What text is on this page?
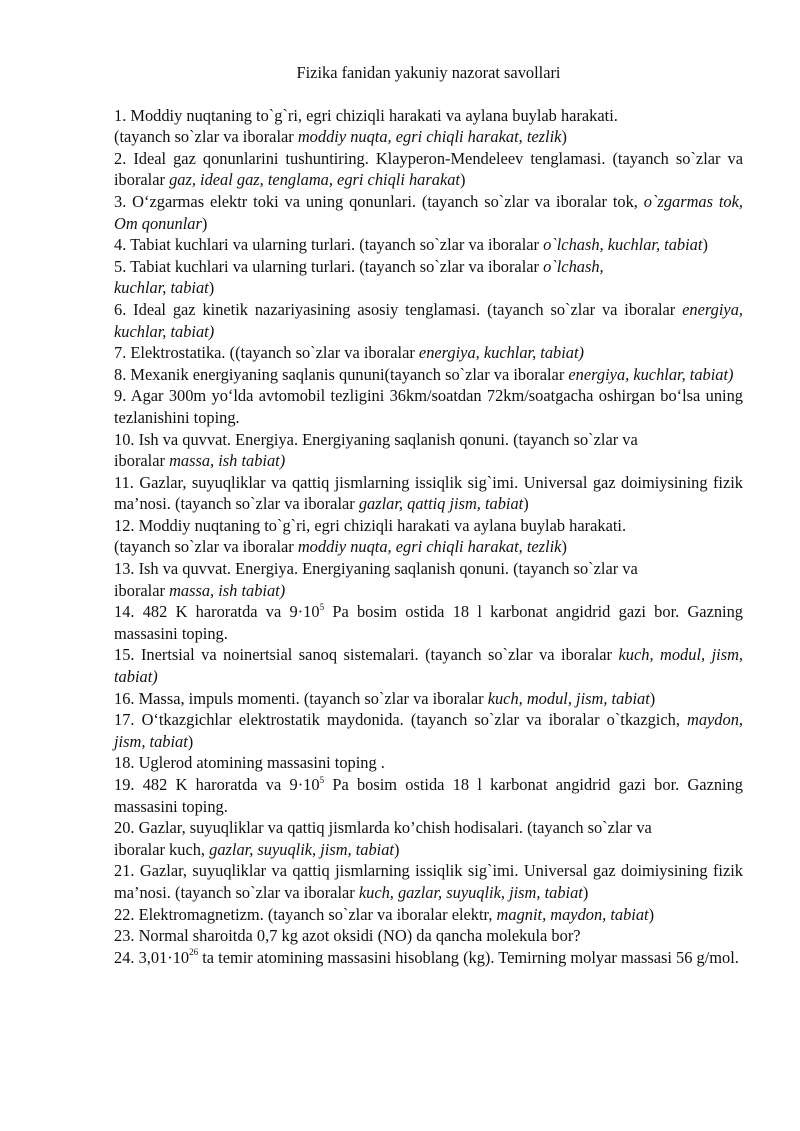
Fizika fanidan yakuniy nazorat savollari
1. Moddiy nuqtaning to`g`ri, egri chiziqli harakati va aylana buylab harakati.
(tayanch so`zlar va iboralar moddiy nuqta, egri chiqli harakat, tezlik)
2. Ideal gaz qonunlarini tushuntiring. Klayperon-Mendeleev tenglamasi. (tayanch so`zlar va iboralar gaz, ideal gaz, tenglama, egri chiqli harakat)
3. O‘zgarmas elektr toki va uning qonunlari. (tayanch so`zlar va iboralar tok, o`zgarmas tok, Om qonunlar)
4. Tabiat kuchlari va ularning turlari. (tayanch so`zlar va iboralar o`lchash, kuchlar, tabiat)
5. Tabiat kuchlari va ularning turlari. (tayanch so`zlar va iboralar o`lchash,
kuchlar, tabiat)
6. Ideal gaz kinetik nazariyasining asosiy tenglamasi. (tayanch so`zlar va iboralar energiya, kuchlar, tabiat)
7. Elektrostatika. ((tayanch so`zlar va iboralar energiya, kuchlar, tabiat)
8. Mexanik energiyaning saqlanis qununi(tayanch so`zlar va iboralar energiya, kuchlar, tabiat)
9. Agar 300m yo‘lda avtomobil tezligini 36km/soatdan 72km/soatgacha oshirgan bo‘lsa uning tezlanishini toping.
10. Ish va quvvat. Energiya. Energiyaning saqlanish qonuni. (tayanch so`zlar va
iboralar massa, ish tabiat)
11. Gazlar, suyuqliklar va qattiq jismlarning issiqlik sig`imi. Universal gaz doimiysining fizik ma’nosi. (tayanch so`zlar va iboralar gazlar, qattiq jism, tabiat)
12. Moddiy nuqtaning to`g`ri, egri chiziqli harakati va aylana buylab harakati.
(tayanch so`zlar va iboralar moddiy nuqta, egri chiqli harakat, tezlik)
13. Ish va quvvat. Energiya. Energiyaning saqlanish qonuni. (tayanch so`zlar va
iboralar massa, ish tabiat)
14. 482 K haroratda va $9\cdot 10^5$ Pa bosim ostida 18 l karbonat angidrid gazi bor. Gazning massasini toping.
15. Inertsial va noinertsial sanoq sistemalari. (tayanch so`zlar va iboralar kuch, modul, jism, tabiat)
16. Massa, impuls momenti. (tayanch so`zlar va iboralar kuch, modul, jism, tabiat)
17. O‘tkazgichlar elektrostatik maydonida. (tayanch so`zlar va iboralar o`tkazgich, maydon, jism, tabiat)
18. Uglerod atomining massasini toping .
19. 482 K haroratda va $9\cdot 10^5$ Pa bosim ostida 18 l karbonat angidrid gazi bor. Gazning massasini toping.
20. Gazlar, suyuqliklar va qattiq jismlarda ko’chish hodisalari. (tayanch so`zlar va
iboralar kuch, gazlar, suyuqlik, jism, tabiat)
21. Gazlar, suyuqliklar va qattiq jismlarning issiqlik sig`imi. Universal gaz doimiysining fizik ma’nosi. (tayanch so`zlar va iboralar kuch, gazlar, suyuqlik, jism, tabiat)
22. Elektromagnetizm. (tayanch so`zlar va iboralar elektr, magnit, maydon, tabiat)
23. Normal sharoitda 0,7 kg azot oksidi (NO) da qancha molekula bor?
24. $3,01\cdot 10^{26}$ ta temir atomining massasini hisoblang (kg). Temirning molyar massasi 56 g/mol.
